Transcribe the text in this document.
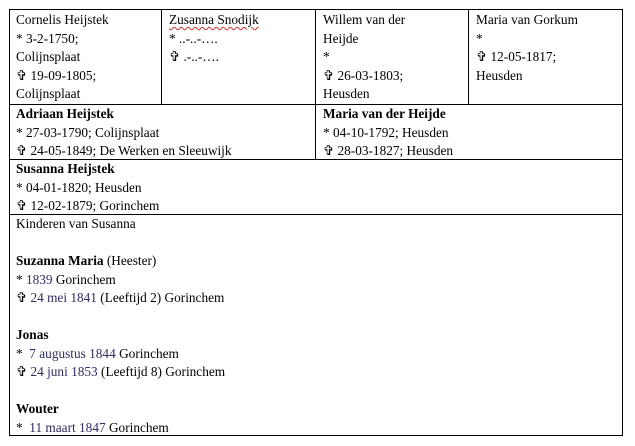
Cornelis Heijstek
* 3-2-1750;
Colijnsplaat
✞ 19-09-1805;
Colijnsplaat
Zusanna Snodijk
* ..-..-….
✞ .-..-….
Willem van der
Heijde
*
✞ 26-03-1803;
Heusden
Maria van Gorkum
*
✞ 12-05-1817;
Heusden
Adriaan Heijstek
* 27-03-1790; Colijnsplaat
✞ 24-05-1849; De Werken en Sleeuwijk
Maria van der Heijde
* 04-10-1792; Heusden
✞ 28-03-1827; Heusden
Susanna Heijstek
* 04-01-1820; Heusden
✞ 12-02-1879; Gorinchem
Kinderen van Susanna
Suzanna Maria (Heester)
* 1839 Gorinchem
✞ 24 mei 1841 (Leeftijd 2) Gorinchem
Jonas
*  7 augustus 1844 Gorinchem
✞ 24 juni 1853 (Leeftijd 8) Gorinchem
Wouter
*  11 maart 1847 Gorinchem
